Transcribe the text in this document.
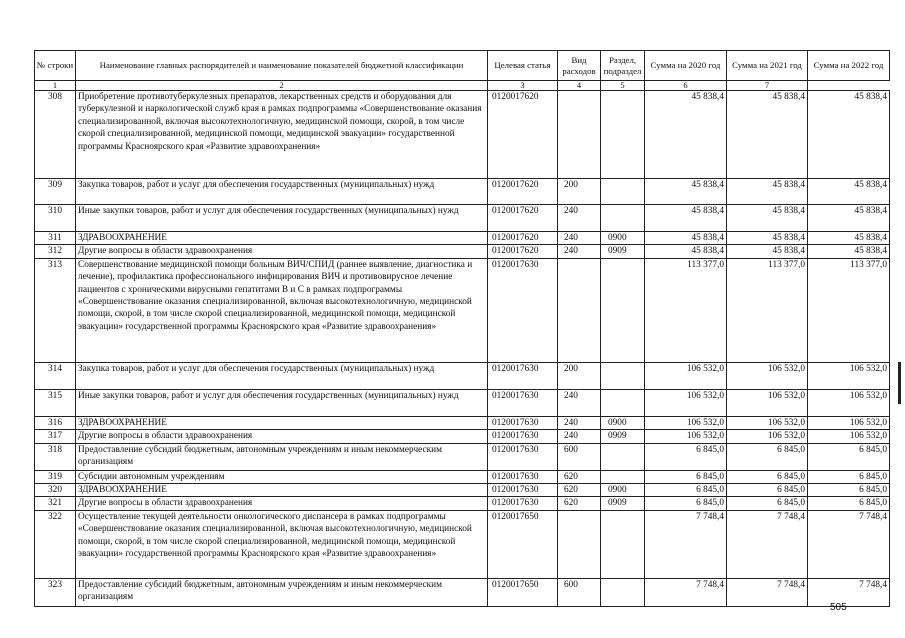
№ строки	Наименование главных распорядителей и наименование показателей бюджетной классификации	Целевая статья	Вид расходов	Раздел, подраздел	Сумма на 2020 год	Сумма на 2021 год	Сумма на 2022 год
1	2	3	4	5	6	7	
308	Приобретение противотуберкулезных препаратов, лекарственных средств и оборудования для туберкулезной и наркологической служб края в рамках подпрограммы «Совершенствование оказания специализированной, включая высокотехнологичную, медицинской помощи, скорой, в том числе скорой специализированной, медицинской помощи, медицинской эвакуации» государственной программы Красноярского края «Развитие здравоохранения»	0120017620			45 838,4	45 838,4	45 838,4
309	Закупка товаров, работ и услуг для обеспечения государственных (муниципальных) нужд	0120017620	200		45 838,4	45 838,4	45 838,4
310	Иные закупки товаров, работ и услуг для обеспечения государственных (муниципальных) нужд	0120017620	240		45 838,4	45 838,4	45 838,4
311	ЗДРАВООХРАНЕНИЕ	0120017620	240	0900	45 838,4	45 838,4	45 838,4
312	Другие вопросы в области здравоохранения	0120017620	240	0909	45 838,4	45 838,4	45 838,4
313	Совершенствование медицинской помощи больным ВИЧ/СПИД (раннее выявление, диагностика и лечение), профилактика профессионального инфицирования ВИЧ и противовирусное лечение пациентов с хроническими вирусными гепатитами В и С в рамках подпрограммы «Совершенствование оказания специализированной, включая высокотехнологичную, медицинской помощи, скорой, в том числе скорой специализированной, медицинской помощи, медицинской эвакуации» государственной программы Красноярского края «Развитие здравоохранения»	0120017630			113 377,0	113 377,0	113 377,0
314	Закупка товаров, работ и услуг для обеспечения государственных (муниципальных) нужд	0120017630	200		106 532,0	106 532,0	106 532,0
315	Иные закупки товаров, работ и услуг для обеспечения государственных (муниципальных) нужд	0120017630	240		106 532,0	106 532,0	106 532,0
316	ЗДРАВООХРАНЕНИЕ	0120017630	240	0900	106 532,0	106 532,0	106 532,0
317	Другие вопросы в области здравоохранения	0120017630	240	0909	106 532,0	106 532,0	106 532,0
318	Предоставление субсидий бюджетным, автономным учреждениям и иным некоммерческим организациям	0120017630	600		6 845,0	6 845,0	6 845,0
319	Субсидии автономным учреждениям	0120017630	620		6 845,0	6 845,0	6 845,0
320	ЗДРАВООХРАНЕНИЕ	0120017630	620	0900	6 845,0	6 845,0	6 845,0
321	Другие вопросы в области здравоохранения	0120017630	620	0909	6 845,0	6 845,0	6 845,0
322	Осуществление текущей деятельности онкологического диспансера в рамках подпрограммы «Совершенствование оказания специализированной, включая высокотехнологичную, медицинской помощи, скорой, в том числе скорой специализированной, медицинской помощи, медицинской эвакуации» государственной программы Красноярского края «Развитие здравоохранения»	0120017650			7 748,4	7 748,4	7 748,4
323	Предоставление субсидий бюджетным, автономным учреждениям и иным некоммерческим организациям	0120017650	600		7 748,4	7 748,4	7 748,4
505
